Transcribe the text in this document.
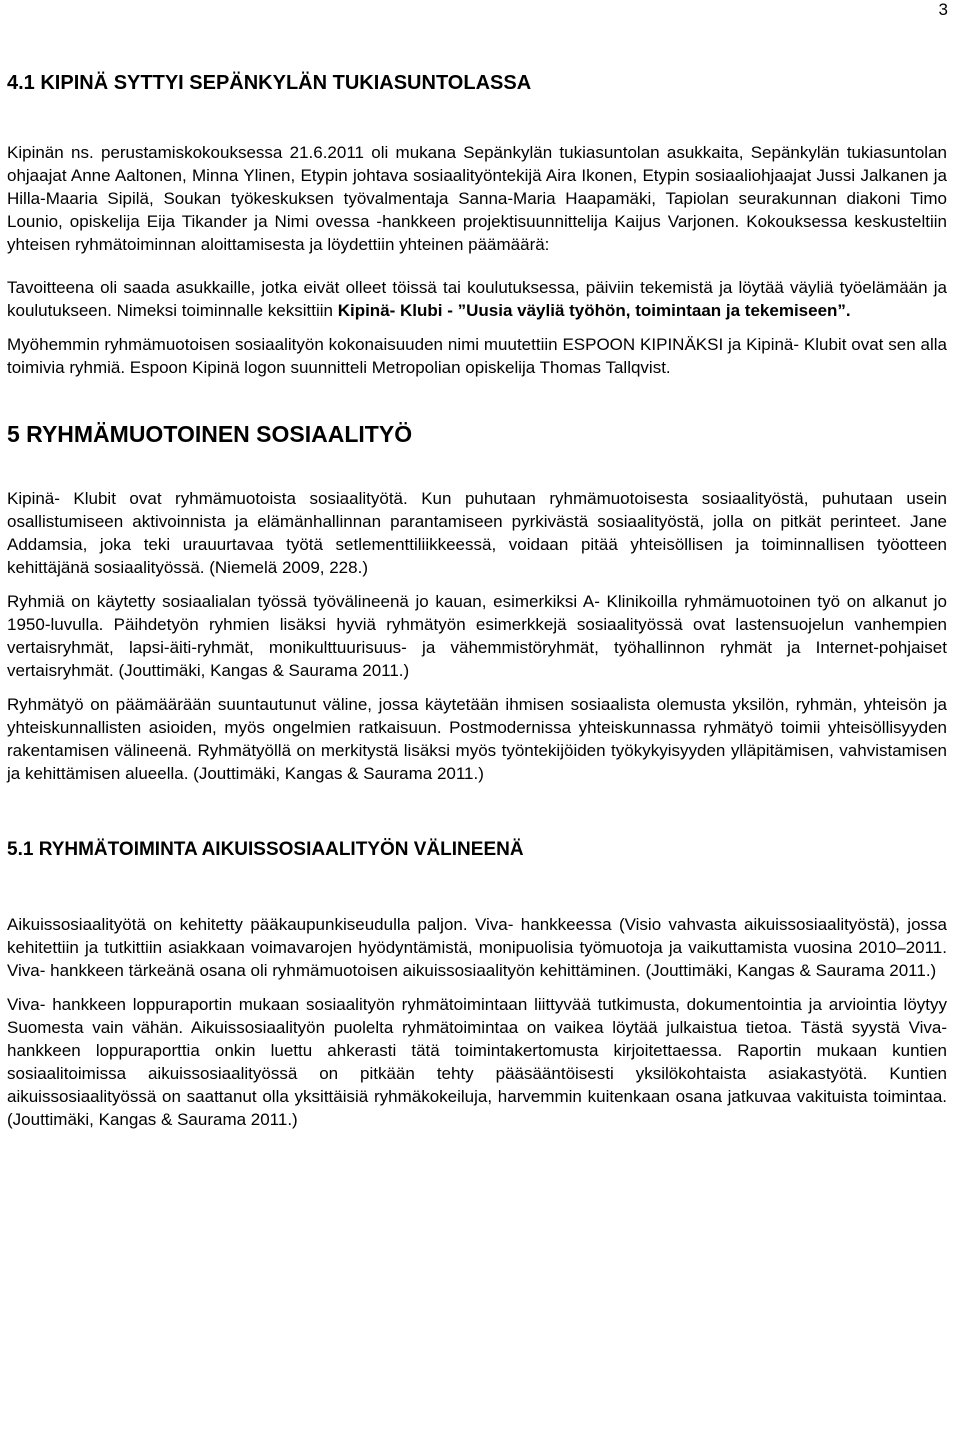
3
4.1 KIPINÄ SYTTYI SEPÄNKYLÄN TUKIASUNTOLASSA

Kipinän ns. perustamiskokouksessa 21.6.2011 oli mukana Sepänkylän tukiasuntolan asukkaita, Sepänkylän tukiasuntolan ohjaajat Anne Aaltonen, Minna Ylinen, Etypin johtava sosiaalityöntekijä Aira Ikonen, Etypin sosiaaliohjaajat Jussi Jalkanen ja Hilla-Maaria Sipilä, Soukan työkeskuksen työvalmentaja Sanna-Maria Haapamäki, Tapiolan seurakunnan diakoni Timo Lounio, opiskelija Eija Tikander ja Nimi ovessa -hankkeen projektisuunnittelija Kaijus Varjonen. Kokouksessa keskusteltiin yhteisen ryhmätoiminnan aloittamisesta ja löydettiin yhteinen päämäärä:

Tavoitteena oli saada asukkaille, jotka eivät olleet töissä tai koulutuksessa, päiviin tekemistä ja löytää väyliä työelämään ja koulutukseen. Nimeksi toiminnalle keksittiin Kipinä- Klubi - ”Uusia väyliä työhön, toimintaan ja tekemiseen”.

Myöhemmin ryhmämuotoisen sosiaalityön kokonaisuuden nimi muutettiin ESPOON KIPINÄKSI ja Kipinä- Klubit ovat sen alla toimivia ryhmiä. Espoon Kipinä logon suunnitteli Metropolian opiskelija Thomas Tallqvist.

5 RYHMÄMUOTOINEN SOSIAALITYÖ

Kipinä- Klubit ovat ryhmämuotoista sosiaalityötä. Kun puhutaan ryhmämuotoisesta sosiaalityöstä, puhutaan usein osallistumiseen aktivoinnista ja elämänhallinnan parantamiseen pyrkivästä sosiaalityöstä, jolla on pitkät perinteet. Jane Addamsia, joka teki urauurtavaa työtä setlementtiliikkeessä, voidaan pitää yhteisöllisen ja toiminnallisen työotteen kehittäjänä sosiaalityössä. (Niemelä 2009, 228.)

Ryhmiä on käytetty sosiaalialan työssä työvälineenä jo kauan, esimerkiksi A- Klinikoilla ryhmämuotoinen työ on alkanut jo 1950-luvulla. Päihdetyön ryhmien lisäksi hyviä ryhmätyön esimerkkejä sosiaalityössä ovat lastensuojelun vanhempien vertaisryhmät, lapsi-äiti-ryhmät, monikulttuurisuus- ja vähemmistöryhmät, työhallinnon ryhmät ja Internet-pohjaiset vertaisryhmät. (Jouttimäki, Kangas & Saurama 2011.)

Ryhmätyö on päämäärään suuntautunut väline, jossa käytetään ihmisen sosiaalista olemusta yksilön, ryhmän, yhteisön ja yhteiskunnallisten asioiden, myös ongelmien ratkaisuun. Postmodernissa yhteiskunnassa ryhmätyö toimii yhteisöllisyyden rakentamisen välineenä. Ryhmätyöllä on merkitystä lisäksi myös työntekijöiden työkykyisyyden ylläpitämisen, vahvistamisen ja kehittämisen alueella. (Jouttimäki, Kangas & Saurama 2011.)

5.1 RYHMÄTOIMINTA AIKUISSOSIAALITYÖN VÄLINEENÄ

Aikuissosiaalityötä on kehitetty pääkaupunkiseudulla paljon. Viva- hankkeessa (Visio vahvasta aikuissosiaalityöstä), jossa kehitettiin ja tutkittiin asiakkaan voimavarojen hyödyntämistä, monipuolisia työmuotoja ja vaikuttamista vuosina 2010–2011. Viva- hankkeen tärkeänä osana oli ryhmämuotoisen aikuissosiaalityön kehittäminen. (Jouttimäki, Kangas & Saurama 2011.)

Viva- hankkeen loppuraportin mukaan sosiaalityön ryhmätoimintaan liittyvää tutkimusta, dokumentointia ja arviointia löytyy Suomesta vain vähän. Aikuissosiaalityön puolelta ryhmätoimintaa on vaikea löytää julkaistua tietoa. Tästä syystä Viva- hankkeen loppuraporttia onkin luettu ahkerasti tätä toimintakertomusta kirjoitettaessa. Raportin mukaan kuntien sosiaalitoimissa aikuissosiaalityössä on pitkään tehty pääsääntöisesti yksilökohtaista asiakastyötä. Kuntien aikuissosiaalityössä on saattanut olla yksittäisiä ryhmäkokeiluja, harvemmin kuitenkaan osana jatkuvaa vakituista toimintaa. (Jouttimäki, Kangas & Saurama 2011.)
